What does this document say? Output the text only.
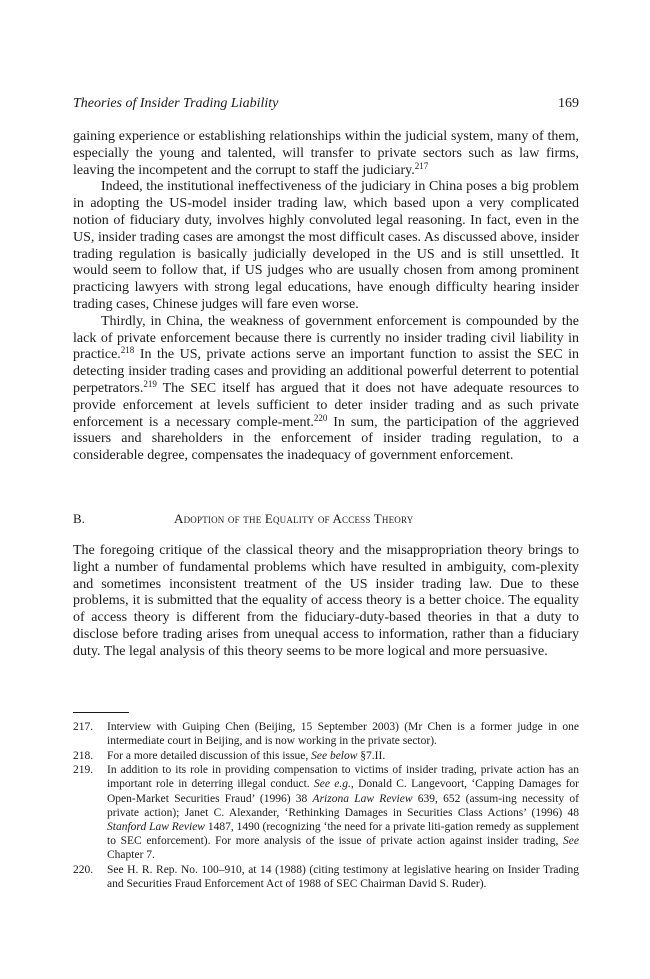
Theories of Insider Trading Liability	169

gaining experience or establishing relationships within the judicial system, many of them, especially the young and talented, will transfer to private sectors such as law firms, leaving the incompetent and the corrupt to staff the judiciary.$^{217}$

Indeed, the institutional ineffectiveness of the judiciary in China poses a big problem in adopting the US-model insider trading law, which based upon a very complicated notion of fiduciary duty, involves highly convoluted legal reasoning. In fact, even in the US, insider trading cases are amongst the most difficult cases. As discussed above, insider trading regulation is basically judicially developed in the US and is still unsettled. It would seem to follow that, if US judges who are usually chosen from among prominent practicing lawyers with strong legal educations, have enough difficulty hearing insider trading cases, Chinese judges will fare even worse.

Thirdly, in China, the weakness of government enforcement is compounded by the lack of private enforcement because there is currently no insider trading civil liability in practice.$^{218}$ In the US, private actions serve an important function to assist the SEC in detecting insider trading cases and providing an additional powerful deterrent to potential perpetrators.$^{219}$ The SEC itself has argued that it does not have adequate resources to provide enforcement at levels sufficient to deter insider trading and as such private enforcement is a necessary comple-ment.$^{220}$ In sum, the participation of the aggrieved issuers and shareholders in the enforcement of insider trading regulation, to a considerable degree, compensates the inadequacy of government enforcement.

B.	Adoption of the Equality of Access Theory

The foregoing critique of the classical theory and the misappropriation theory brings to light a number of fundamental problems which have resulted in ambiguity, com-plexity and sometimes inconsistent treatment of the US insider trading law. Due to these problems, it is submitted that the equality of access theory is a better choice. The equality of access theory is different from the fiduciary-duty-based theories in that a duty to disclose before trading arises from unequal access to information, rather than a fiduciary duty. The legal analysis of this theory seems to be more logical and more persuasive.

217. Interview with Guiping Chen (Beijing, 15 September 2003) (Mr Chen is a former judge in one intermediate court in Beijing, and is now working in the private sector).
218. For a more detailed discussion of this issue, See below §7.II.
219. In addition to its role in providing compensation to victims of insider trading, private action has an important role in deterring illegal conduct. See e.g., Donald C. Langevoort, ‘Capping Damages for Open-Market Securities Fraud’ (1996) 38 Arizona Law Review 639, 652 (assum-ing necessity of private action); Janet C. Alexander, ‘Rethinking Damages in Securities Class Actions’ (1996) 48 Stanford Law Review 1487, 1490 (recognizing ‘the need for a private liti-gation remedy as supplement to SEC enforcement). For more analysis of the issue of private action against insider trading, See Chapter 7.
220. See H. R. Rep. No. 100–910, at 14 (1988) (citing testimony at legislative hearing on Insider Trading and Securities Fraud Enforcement Act of 1988 of SEC Chairman David S. Ruder).
